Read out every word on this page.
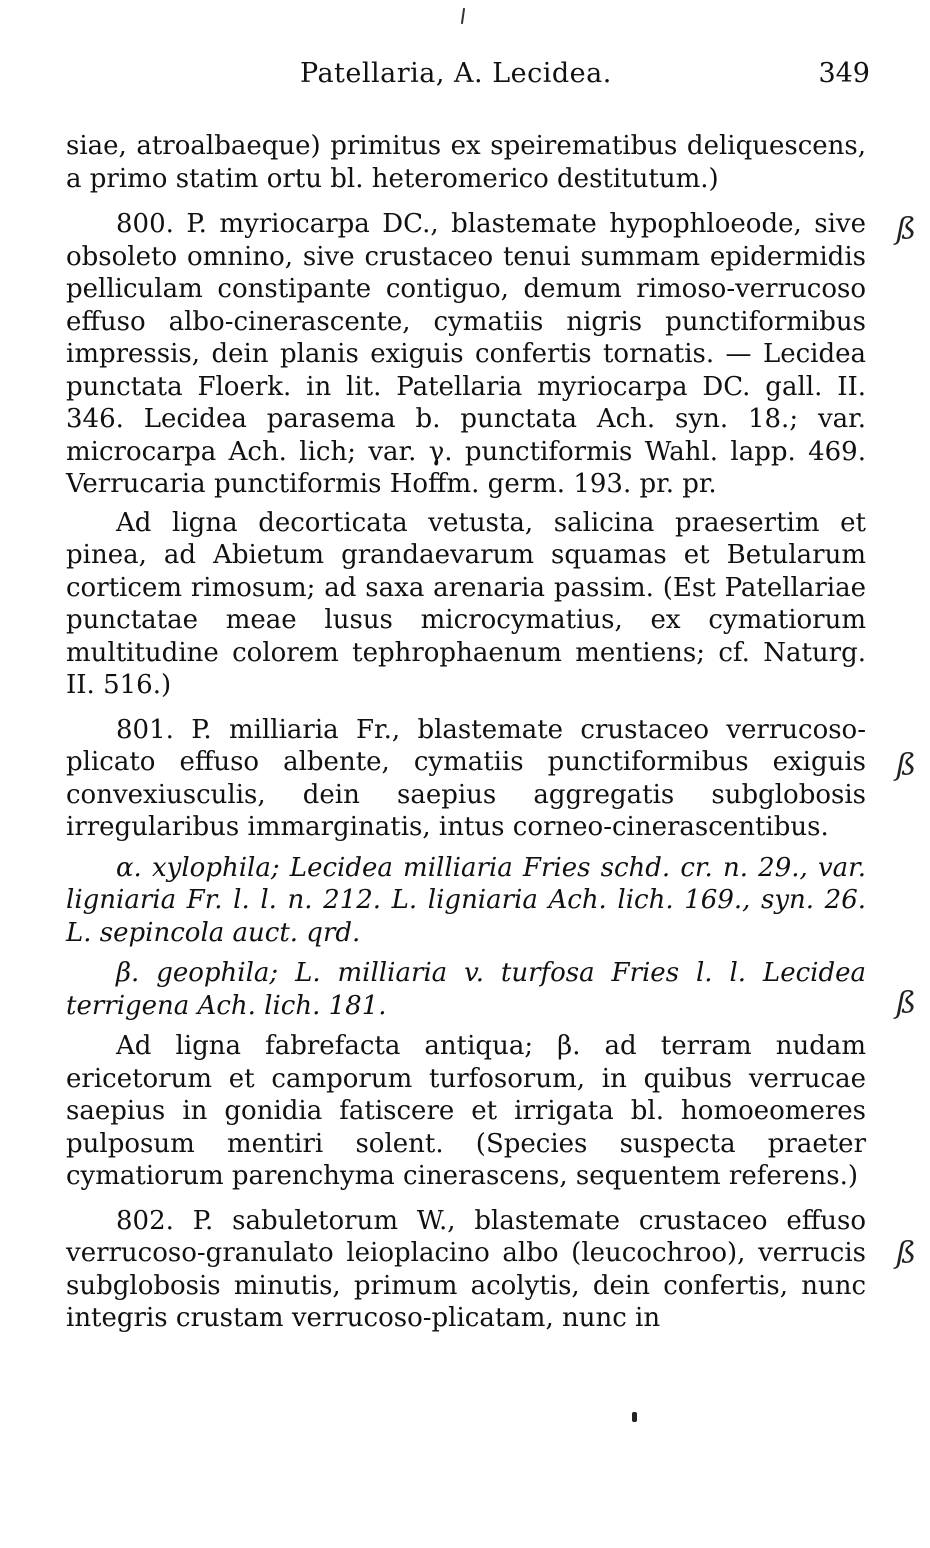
Patellaria, A. Lecidea.	349

siae, atroalbaeque) primitus ex speirematibus deliquescens, a primo statim ortu bl. heteromerico destitutum.)

800. P. myriocarpa DC., blastemate hypophloeode, sive obsoleto omnino, sive crustaceo tenui summam epidermidis pelliculam constipante contiguo, demum rimoso-verrucoso effuso albo-cinerascente, cymatiis nigris punctiformibus impressis, dein planis exiguis confertis tornatis. — Lecidea punctata Floerk. in lit. Patellaria myriocarpa DC. gall. II. 346. Lecidea parasema b. punctata Ach. syn. 18.; var. microcarpa Ach. lich; var. γ. punctiformis Wahl. lapp. 469. Verrucaria punctiformis Hoffm. germ. 193. pr. pr.

Ad ligna decorticata vetusta, salicina praesertim et pinea, ad Abietum grandaevarum squamas et Betularum corticem rimosum; ad saxa arenaria passim. (Est Patellariae punctatae meae lusus microcymatius, ex cymatiorum multitudine colorem tephrophaenum mentiens; cf. Naturg. II. 516.)

801. P. milliaria Fr., blastemate crustaceo verrucoso-plicato effuso albente, cymatiis punctiformibus exiguis convexiusculis, dein saepius aggregatis subglobosis irregularibus immarginatis, intus corneo-cinerascentibus.

α. xylophila; Lecidea milliaria Fries schd. cr. n. 29., var. ligniaria Fr. l. l. n. 212. L. ligniaria Ach. lich. 169., syn. 26. L. sepincola auct. qrd.

β. geophila; L. milliaria v. turfosa Fries l. l. Lecidea terrigena Ach. lich. 181.

Ad ligna fabrefacta antiqua; β. ad terram nudam ericetorum et camporum turfosorum, in quibus verrucae saepius in gonidia fatiscere et irrigata bl. homoeomeres pulposum mentiri solent. (Species suspecta praeter cymatiorum parenchyma cinerascens, sequentem referens.)

802. P. sabuletorum W., blastemate crustaceo effuso verrucoso-granulato leioplacino albo (leucochroo), verrucis subglobosis minutis, primum acolytis, dein confertis, nunc integris crustam verrucoso-plicatam, nunc in

ß
ß
ß
ß
